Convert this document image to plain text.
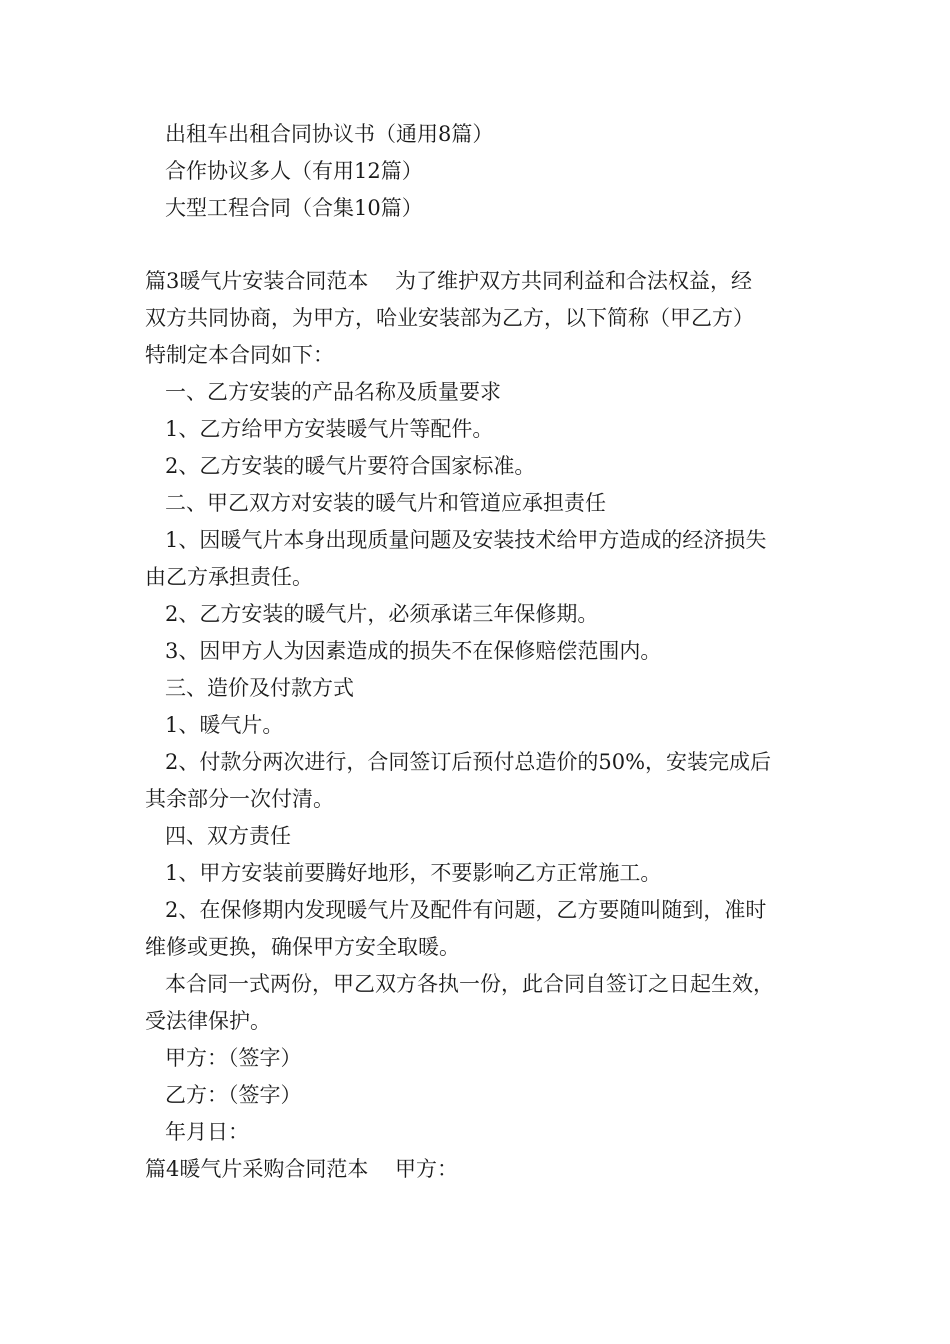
出租车出租合同协议书（通用8篇）
合作协议多人（有用12篇）
大型工程合同（合集10篇）
篇3暖气片安装合同范本    为了维护双方共同利益和合法权益，经
双方共同协商，为甲方，哈业安装部为乙方，以下简称（甲乙方）
特制定本合同如下：
一、乙方安装的产品名称及质量要求
1、乙方给甲方安装暖气片等配件。
2、乙方安装的暖气片要符合国家标准。
二、甲乙双方对安装的暖气片和管道应承担责任
1、因暖气片本身出现质量问题及安装技术给甲方造成的经济损失
由乙方承担责任。
2、乙方安装的暖气片，必须承诺三年保修期。
3、因甲方人为因素造成的损失不在保修赔偿范围内。
三、造价及付款方式
1、暖气片。
2、付款分两次进行，合同签订后预付总造价的50%，安装完成后
其余部分一次付清。
四、双方责任
1、甲方安装前要腾好地形，不要影响乙方正常施工。
2、在保修期内发现暖气片及配件有问题，乙方要随叫随到，准时
维修或更换，确保甲方安全取暖。
本合同一式两份，甲乙双方各执一份，此合同自签订之日起生效，
受法律保护。
甲方：（签字）
乙方：（签字）
年月日：
篇4暖气片采购合同范本    甲方：
